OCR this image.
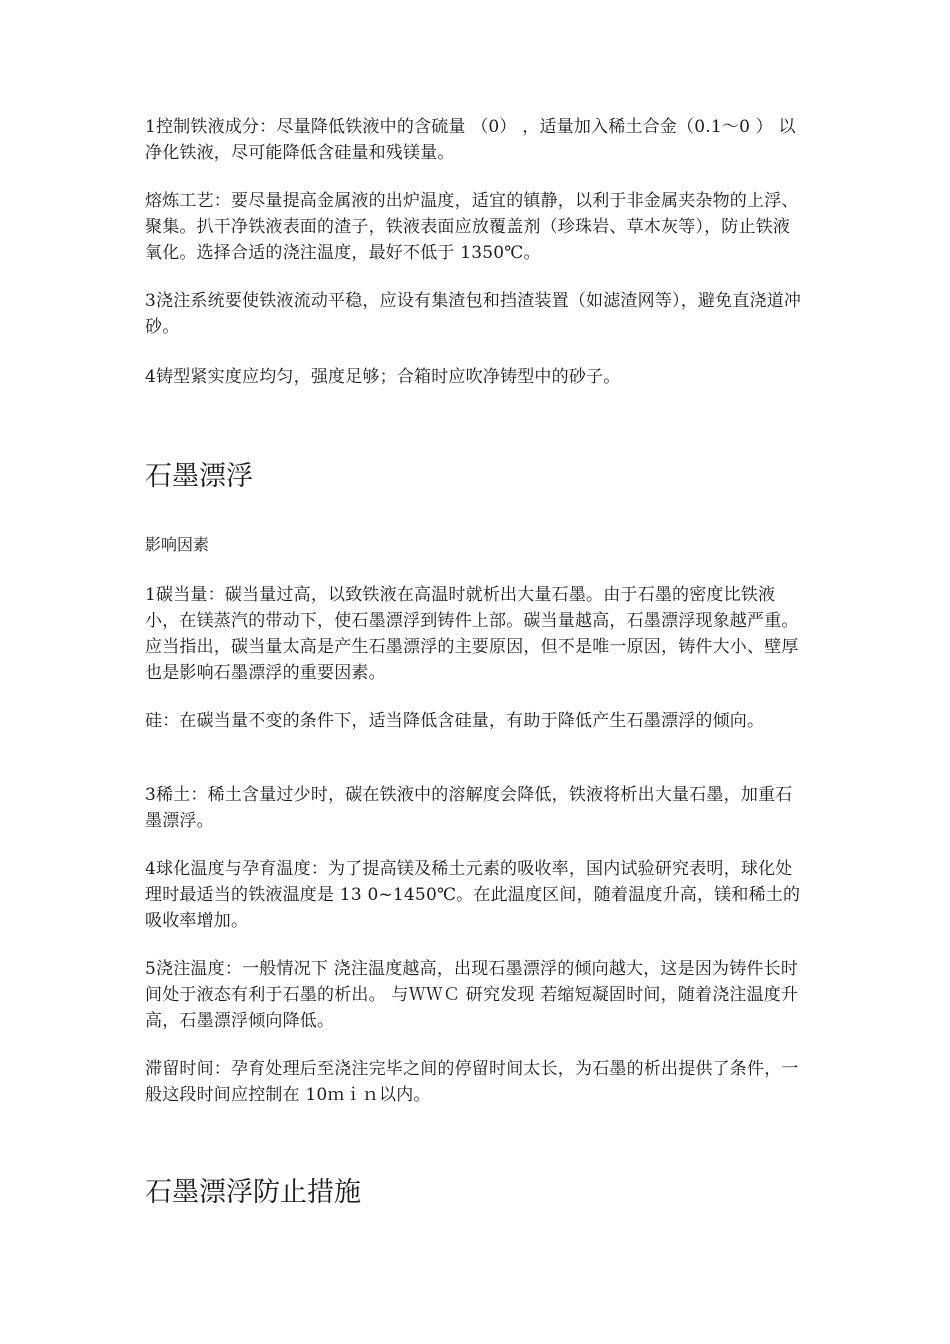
1控制铁液成分：尽量降低铁液中的含硫量 （0） ，适量加入稀土合金（0.1～0 ） 以净化铁液，尽可能降低含硅量和残镁量。

熔炼工艺：要尽量提高金属液的出炉温度，适宜的镇静，以利于非金属夹杂物的上浮、聚集。扒干净铁液表面的渣子，铁液表面应放覆盖剂（珍珠岩、草木灰等），防止铁液氧化。选择合适的浇注温度，最好不低于 1350℃。

3浇注系统要使铁液流动平稳，应设有集渣包和挡渣装置（如滤渣网等），避免直浇道冲砂。

4铸型紧实度应均匀，强度足够；合箱时应吹净铸型中的砂子。

石墨漂浮
影响因素

1碳当量：碳当量过高，以致铁液在高温时就析出大量石墨。由于石墨的密度比铁液小，在镁蒸汽的带动下，使石墨漂浮到铸件上部。碳当量越高，石墨漂浮现象越严重。应当指出，碳当量太高是产生石墨漂浮的主要原因，但不是唯一原因，铸件大小、壁厚也是影响石墨漂浮的重要因素。

硅：在碳当量不变的条件下，适当降低含硅量，有助于降低产生石墨漂浮的倾向。

3稀土：稀土含量过少时，碳在铁液中的溶解度会降低，铁液将析出大量石墨，加重石墨漂浮。

4球化温度与孕育温度：为了提高镁及稀土元素的吸收率，国内试验研究表明，球化处理时最适当的铁液温度是 13 0~1450℃。在此温度区间，随着温度升高，镁和稀土的吸收率增加。

5浇注温度：一般情况下 浇注温度越高，出现石墨漂浮的倾向越大，这是因为铸件长时间处于液态有利于石墨的析出。 与ＷＷＣ 研究发现 若缩短凝固时间，随着浇注温度升高，石墨漂浮倾向降低。

滞留时间：孕育处理后至浇注完毕之间的停留时间太长，为石墨的析出提供了条件，一般这段时间应控制在 10ｍｉｎ以内。

石墨漂浮防止措施
